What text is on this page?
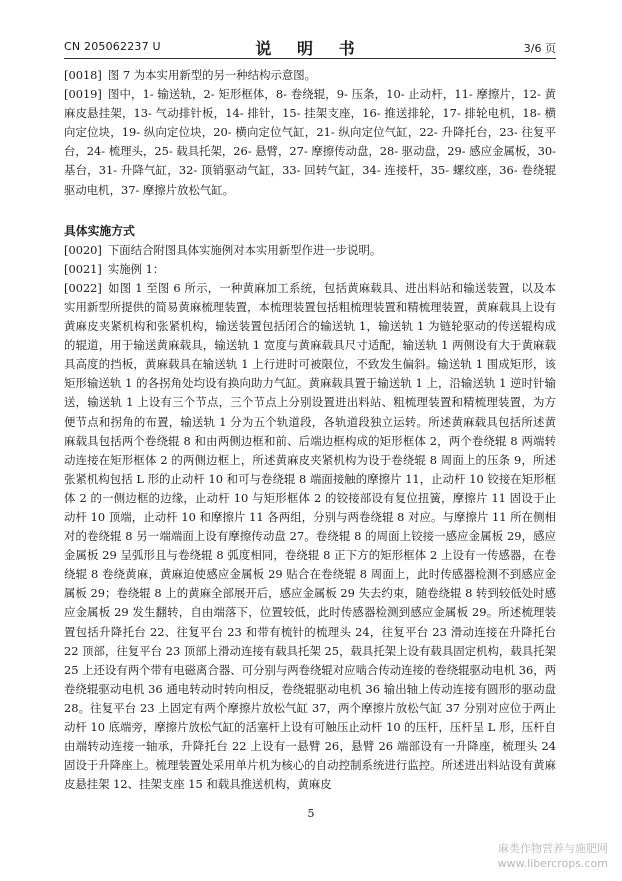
CN 205062237 U	说 明 书	3/6 页

[0018] 图 7 为本实用新型的另一种结构示意图。

[0019] 图中，1- 输送轨，2- 矩形框体，8- 卷绕辊，9- 压条，10- 止动杆，11- 摩擦片，12- 黄麻皮悬挂架，13- 气动排针板，14- 排针，15- 挂架支座，16- 推送排轮，17- 排轮电机，18- 横向定位块，19- 纵向定位块，20- 横向定位气缸，21- 纵向定位气缸，22- 升降托台，23- 往复平台，24- 梳理头，25- 载具托架，26- 悬臂，27- 摩擦传动盘，28- 驱动盘，29- 感应金属板，30- 基台，31- 升降气缸，32- 顶销驱动气缸，33- 回转气缸，34- 连接杆，35- 螺纹座，36- 卷绕辊驱动电机，37- 摩擦片放松气缸。

具体实施方式

[0020] 下面结合附图具体实施例对本实用新型作进一步说明。

[0021] 实施例 1：

[0022] 如图 1 至图 6 所示，一种黄麻加工系统，包括黄麻载具、进出料站和输送装置，以及本实用新型所提供的简易黄麻梳理装置，本梳理装置包括粗梳理装置和精梳理装置，黄麻载具上设有黄麻皮夹紧机构和张紧机构，输送装置包括闭合的输送轨 1，输送轨 1 为链轮驱动的传送辊构成的辊道，用于输送黄麻载具，输送轨 1 宽度与黄麻载具尺寸适配，输送轨 1 两侧设有大于黄麻载具高度的挡板，黄麻载具在输送轨 1 上行进时可被限位，不致发生偏斜。输送轨 1 围成矩形，该矩形输送轨 1 的各拐角处均设有换向助力气缸。黄麻载具置于输送轨 1 上，沿输送轨 1 逆时针输送，输送轨 1 上设有三个节点，三个节点上分别设置进出料站、粗梳理装置和精梳理装置，为方便节点和拐角的布置，输送轨 1 分为五个轨道段，各轨道段独立运转。所述黄麻载具包括所述黄麻载具包括两个卷绕辊 8 和由两侧边框和前、后端边框构成的矩形框体 2，两个卷绕辊 8 两端转动连接在矩形框体 2 的两侧边框上，所述黄麻皮夹紧机构为设于卷绕辊 8 周面上的压条 9，所述张紧机构包括 L 形的止动杆 10 和可与卷绕辊 8 端面接触的摩擦片 11，止动杆 10 铰接在矩形框体 2 的一侧边框的边缘，止动杆 10 与矩形框体 2 的铰接部设有复位扭簧，摩擦片 11 固设于止动杆 10 顶端，止动杆 10 和摩擦片 11 各两组，分别与两卷绕辊 8 对应。与摩擦片 11 所在侧相对的卷绕辊 8 另一端端面上设有摩擦传动盘 27。卷绕辊 8 的周面上铰接一感应金属板 29，感应金属板 29 呈弧形且与卷绕辊 8 弧度相同，卷绕辊 8 正下方的矩形框体 2 上设有一传感器，在卷绕辊 8 卷绕黄麻，黄麻迫使感应金属板 29 贴合在卷绕辊 8 周面上，此时传感器检测不到感应金属板 29；卷绕辊 8 上的黄麻全部展开后，感应金属板 29 失去约束，随卷绕辊 8 转到较低处时感应金属板 29 发生翻转，自由端落下，位置较低，此时传感器检测到感应金属板 29。所述梳理装置包括升降托台 22、往复平台 23 和带有梳针的梳理头 24，往复平台 23 滑动连接在升降托台 22 顶部，往复平台 23 顶部上滑动连接有载具托架 25，载具托架上设有载具固定机构，载具托架 25 上还设有两个带有电磁离合器、可分别与两卷绕辊对应啮合传动连接的卷绕辊驱动电机 36，两卷绕辊驱动电机 36 通电转动时转向相反，卷绕辊驱动电机 36 输出轴上传动连接有圆形的驱动盘 28。往复平台 23 上固定有两个摩擦片放松气缸 37，两个摩擦片放松气缸 37 分别对应位于两止动杆 10 底端旁，摩擦片放松气缸的活塞杆上设有可触压止动杆 10 的压杆，压杆呈 L 形，压杆自由端转动连接一轴承，升降托台 22 上设有一悬臂 26，悬臂 26 端部设有一升降座，梳理头 24 固设于升降座上。梳理装置处采用单片机为核心的自动控制系统进行监控。所述进出料站设有黄麻皮悬挂架 12、挂架支座 15 和载具推送机构，黄麻皮

5
麻类作物营养与施肥网
www.libercrops.com
